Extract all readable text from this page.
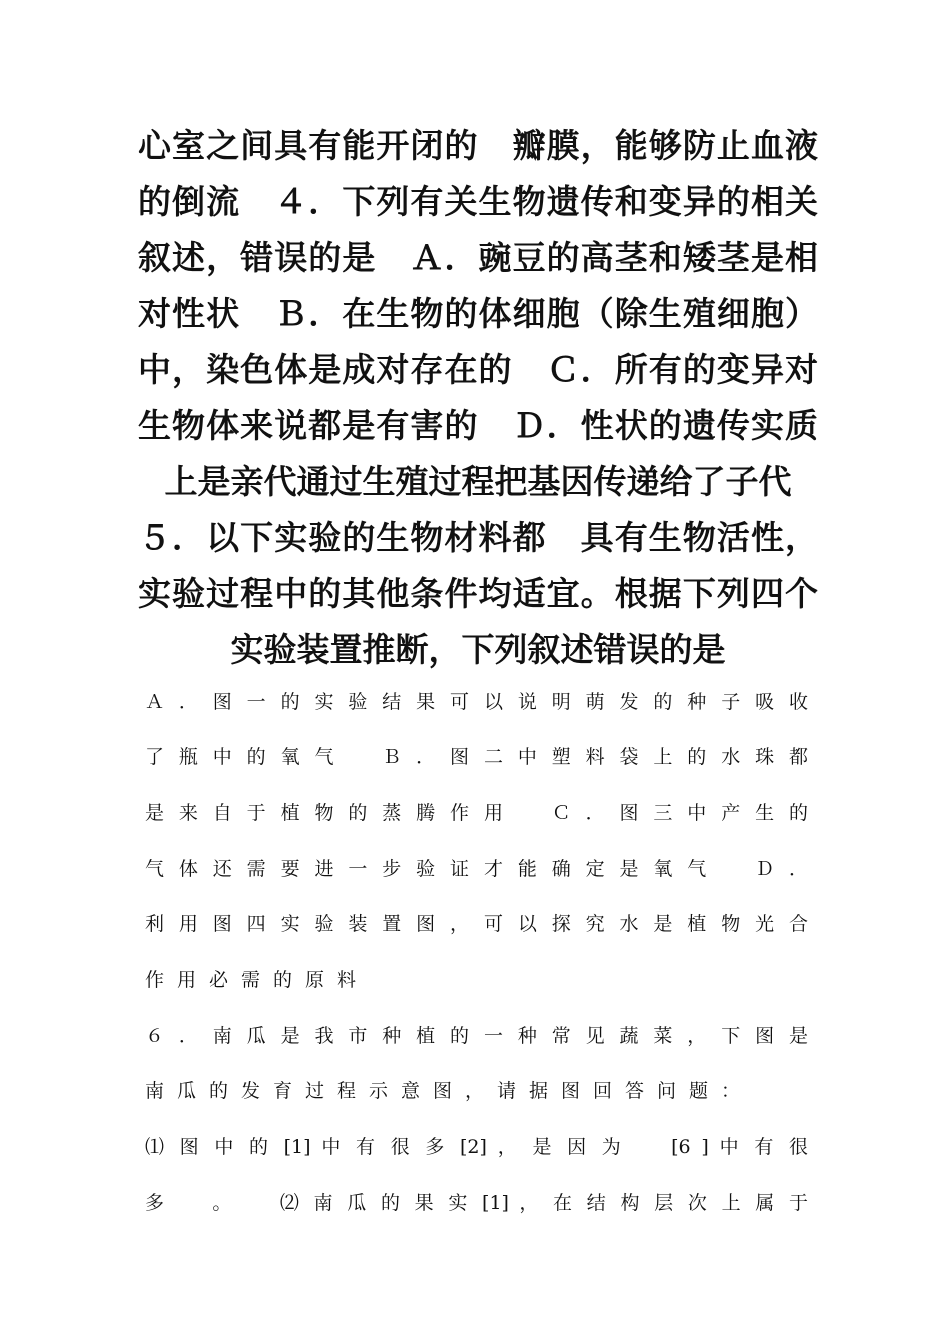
心室之间具有能开闭的　瓣膜，能够防止血液
的倒流　４．下列有关生物遗传和变异的相关
叙述，错误的是　Ａ．豌豆的高茎和矮茎是相
对性状　Ｂ．在生物的体细胞（除生殖细胞）
中，染色体是成对存在的　Ｃ．所有的变异对
生物体来说都是有害的　Ｄ．性状的遗传实质
上是亲代通过生殖过程把基因传递给了子代
５．以下实验的生物材料都　具有生物活性，
实验过程中的其他条件均适宜。根据下列四个
实验装置推断，下列叙述错误的是
Ａ ． 图 一 的 实 验 结 果 可 以 说 明 萌 发 的 种 子 吸 收
了 瓶 中 的 氧 气 　 Ｂ ． 图 二 中 塑 料 袋 上 的 水 珠 都
是 来 自 于 植 物 的 蒸 腾 作 用 　 Ｃ ． 图 三 中 产 生 的
气 体 还 需 要 进 一 步 验 证 才 能 确 定 是 氧 气 　 Ｄ ．
利 用 图 四 实 验 装 置 图 ， 可 以 探 究 水 是 植 物 光 合
作用必需的原料
６ ． 南 瓜 是 我 市 种 植 的 一 种 常 见 蔬 菜 ， 下 图 是
南瓜的发育过程示意图，请据图回答问题：
⑴ 图 中 的 [1] 中 有 很 多 [2] ， 是 因 为 　 [6 ] 中 有 很
多 　 。 　 ⑵ 南 瓜 的 果 实 [1] ， 在 结 构 层 次 上 属 于
